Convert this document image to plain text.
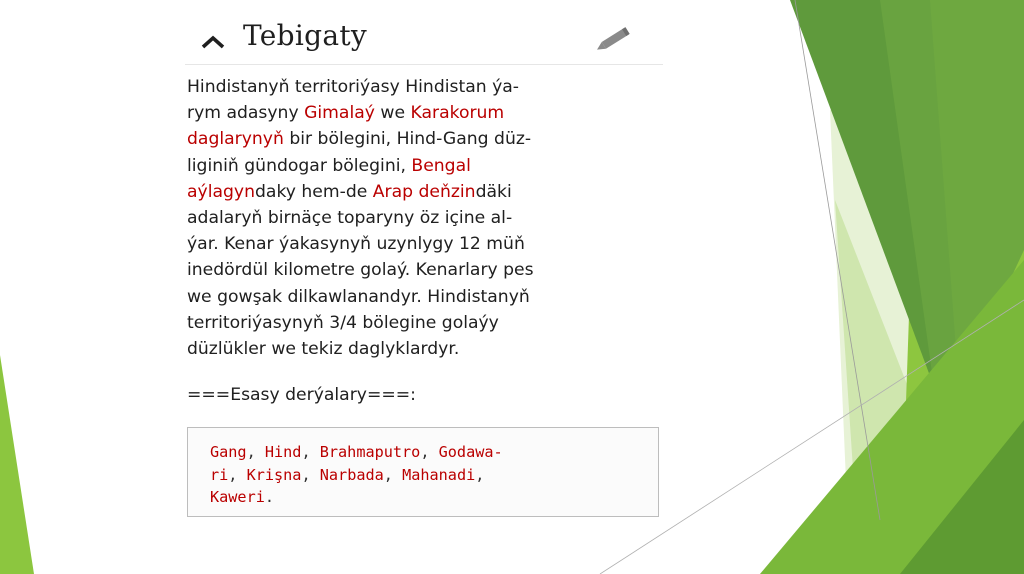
Tebigaty

Hindistanyň territoriýasy Hindistan ýa-
rym adasyny Gimalaý we Karakorum
daglarynyň bir bölegini, Hind-Gang düz-
liginiň gündogar bölegini, Bengal
aýlagyndaky hem-de Arap deňzindäki
adalaryň birnäçe toparyny öz içine al-
ýar. Kenar ýakasynyň uzynlygy 12 müň
inedördül kilometre golaý. Kenarlary pes
we gowşak dilkawlanandyr. Hindistanyň
territoriýasynyň 3/4 bölegine golaýy
düzlükler we tekiz daglyklardyr.

===Esasy derýalary===:

Gang, Hind, Brahmaputro, Godawa-
ri, Krişna, Narbada, Mahanadi,
Kaweri.
